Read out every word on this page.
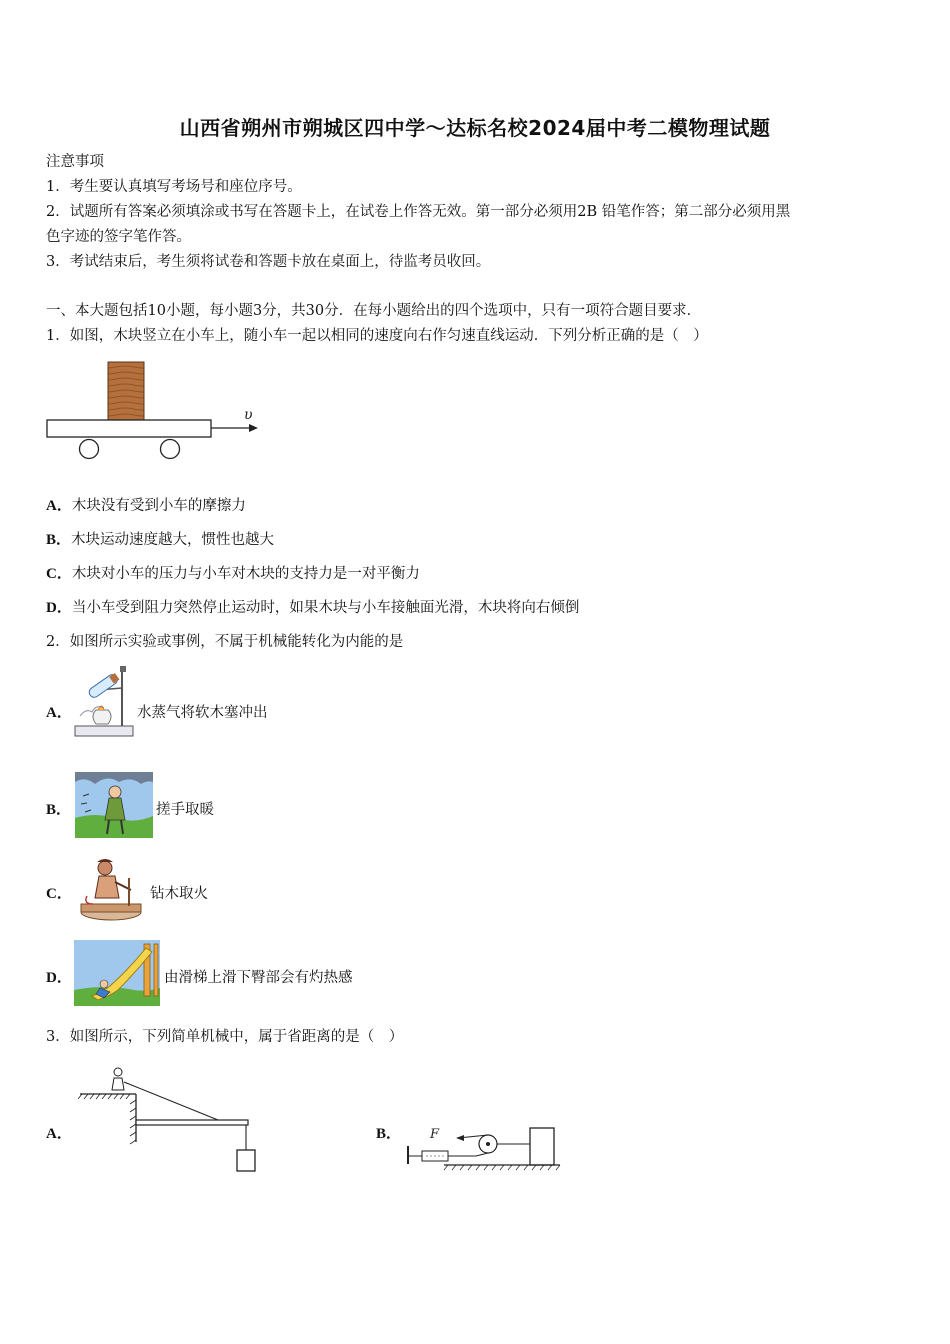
山西省朔州市朔城区四中学～达标名校2024届中考二模物理试题
注意事项
1．考生要认真填写考场号和座位序号。
2．试题所有答案必须填涂或书写在答题卡上，在试卷上作答无效。第一部分必须用2B 铅笔作答；第二部分必须用黑
色字迹的签字笔作答。
3．考试结束后，考生须将试卷和答题卡放在桌面上，待监考员收回。
一、本大题包括10小题，每小题3分，共30分．在每小题给出的四个选项中，只有一项符合题目要求．
1．如图，木块竖立在小车上，随小车一起以相同的速度向右作匀速直线运动．下列分析正确的是（　）
υ
A．木块没有受到小车的摩擦力
B．木块运动速度越大，惯性也越大
C．木块对小车的压力与小车对木块的支持力是一对平衡力
D．当小车受到阻力突然停止运动时，如果木块与小车接触面光滑，木块将向右倾倒
2．如图所示实验或事例，不属于机械能转化为内能的是
A．	水蒸气将软木塞冲出
B．	搓手取暖
C．	钻木取火
D．	由滑梯上滑下臀部会有灼热感
3．如图所示，下列简单机械中，属于省距离的是（　）
A．	B． F
